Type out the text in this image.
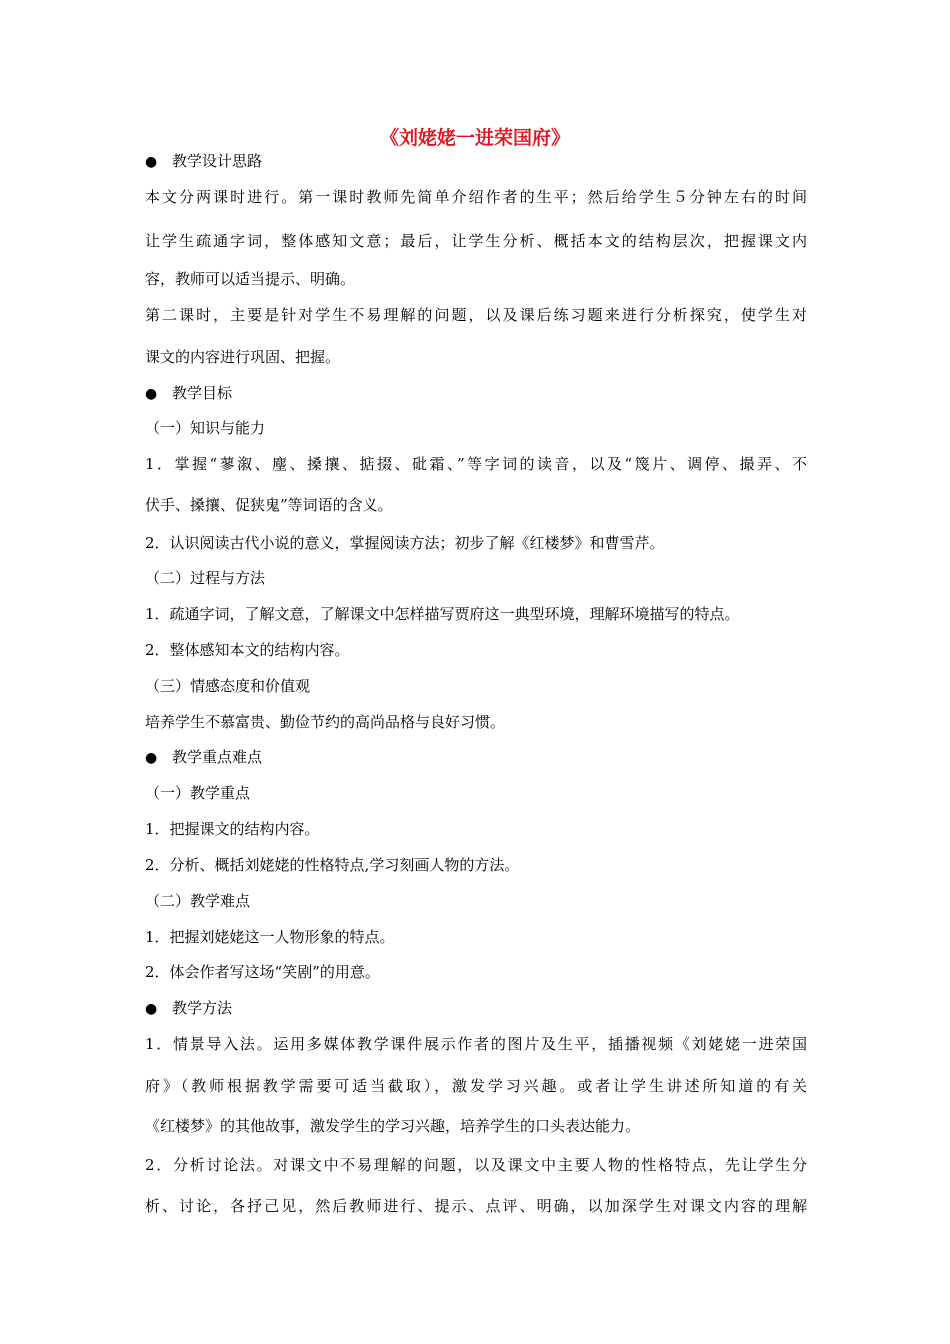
《刘姥姥一进荣国府》
● 教学设计思路
本文分两课时进行。第一课时教师先简单介绍作者的生平；然后给学生５分钟左右的时间
让学生疏通字词，整体感知文意；最后，让学生分析、概括本文的结构层次，把握课文内
容，教师可以适当提示、明确。
第二课时，主要是针对学生不易理解的问题，以及课后练习题来进行分析探究，使学生对
课文的内容进行巩固、把握。
● 教学目标
（一）知识与能力
1．掌握“蓼溆、麈、搡攘、掂掇、砒霜、”等字词的读音，以及“篾片、调停、撮弄、不
伏手、搡攘、促狭鬼”等词语的含义。
2．认识阅读古代小说的意义，掌握阅读方法；初步了解《红楼梦》和曹雪芹。
（二）过程与方法
1．疏通字词，了解文意，了解课文中怎样描写贾府这一典型环境，理解环境描写的特点。
2．整体感知本文的结构内容。
（三）情感态度和价值观
培养学生不慕富贵、勤俭节约的高尚品格与良好习惯。
● 教学重点难点
（一）教学重点
1．把握课文的结构内容。
2．分析、概括刘姥姥的性格特点,学习刻画人物的方法。
（二）教学难点
1．把握刘姥姥这一人物形象的特点。
2．体会作者写这场“笑剧”的用意。
● 教学方法
1．情景导入法。运用多媒体教学课件展示作者的图片及生平，插播视频《刘姥姥一进荣国
府》（教师根据教学需要可适当截取），激发学习兴趣。或者让学生讲述所知道的有关
《红楼梦》的其他故事，激发学生的学习兴趣，培养学生的口头表达能力。
2．分析讨论法。对课文中不易理解的问题，以及课文中主要人物的性格特点，先让学生分
析、讨论，各抒己见，然后教师进行、提示、点评、明确，以加深学生对课文内容的理解
